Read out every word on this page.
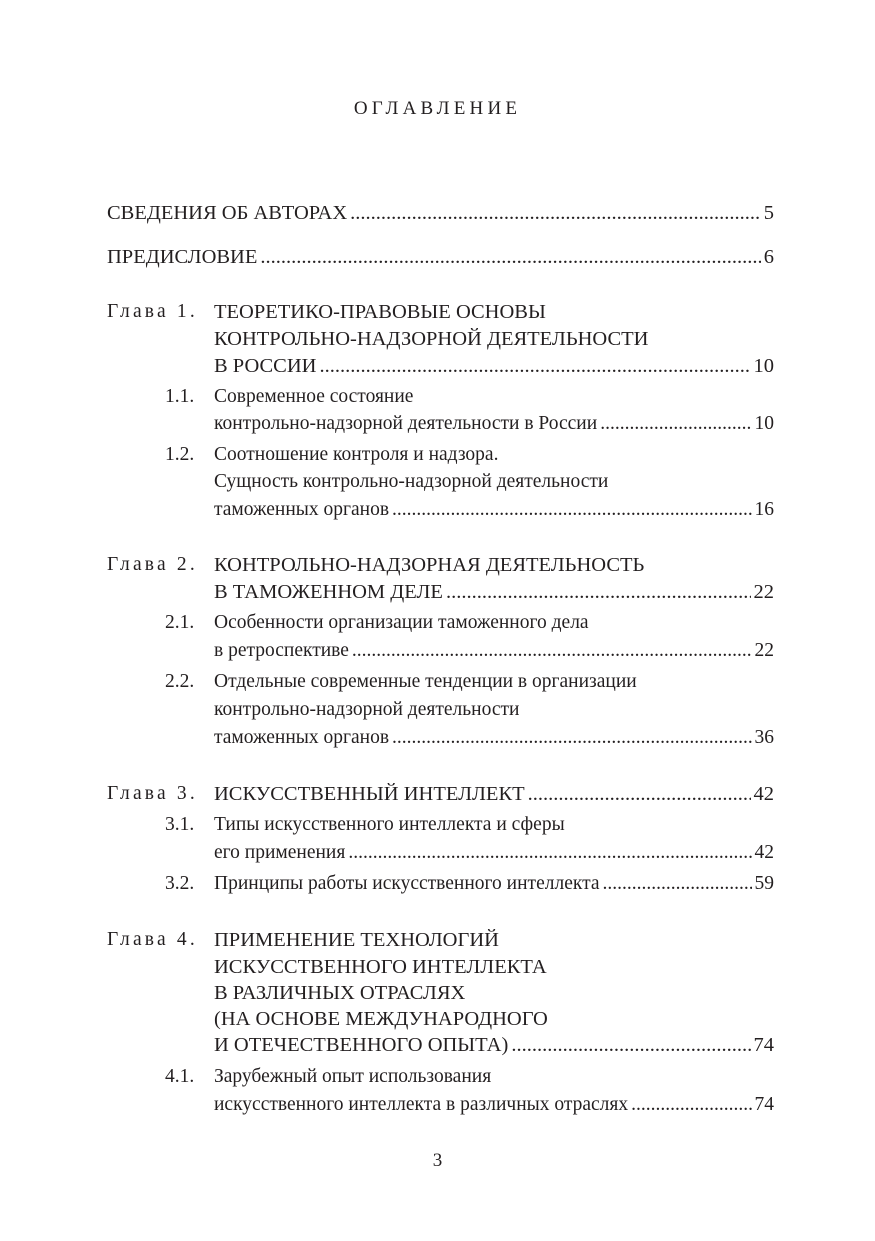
ОГЛАВЛЕНИЕ
СВЕДЕНИЯ ОБ АВТОРАХ .....	5
ПРЕДИСЛОВИЕ .....	6
Глава 1. ТЕОРЕТИКО-ПРАВОВЫЕ ОСНОВЫ
КОНТРОЛЬНО-НАДЗОРНОЙ ДЕЯТЕЛЬНОСТИ
В РОССИИ .....	10
1.1. Современное состояние
контрольно-надзорной деятельности в России .....	10
1.2. Соотношение контроля и надзора.
Сущность контрольно-надзорной деятельности
таможенных органов .....	16
Глава 2. КОНТРОЛЬНО-НАДЗОРНАЯ ДЕЯТЕЛЬНОСТЬ
В ТАМОЖЕННОМ ДЕЛЕ .....	22
2.1. Особенности организации таможенного дела
в ретроспективе .....	22
2.2. Отдельные современные тенденции в организации
контрольно-надзорной деятельности
таможенных органов .....	36
Глава 3. ИСКУССТВЕННЫЙ ИНТЕЛЛЕКТ .....	42
3.1. Типы искусственного интеллекта и сферы
его применения .....	42
3.2. Принципы работы искусственного интеллекта .....	59
Глава 4. ПРИМЕНЕНИЕ ТЕХНОЛОГИЙ
ИСКУССТВЕННОГО ИНТЕЛЛЕКТА
В РАЗЛИЧНЫХ ОТРАСЛЯХ
(НА ОСНОВЕ МЕЖДУНАРОДНОГО
И ОТЕЧЕСТВЕННОГО ОПЫТА) .....	74
4.1. Зарубежный опыт использования
искусственного интеллекта в различных отраслях .....	74
3
